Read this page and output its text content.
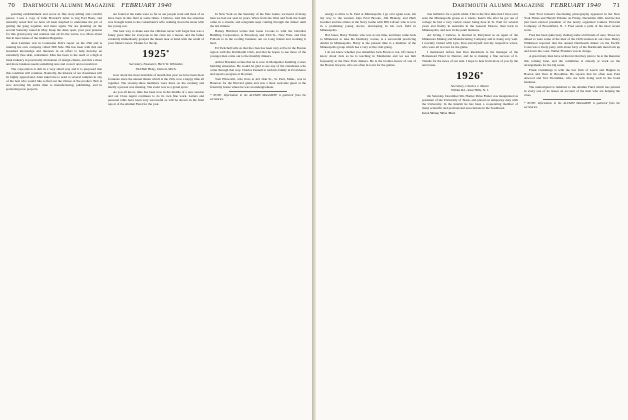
70 Dartmouth Alumni Magazine FEBRUARY 1940

pointing establishment and wrote as fine story-telling and colorful pieces. I saw a copy of John Howard's letter to Jug Earl Bean, and naturally noted that we have all been inspired to undertake the job of getting the gang together, and there again. We are planning on the second Saturday round in May. Keep the dates open, your year pension for this grand party and reunion and all it's the wives, too. More about this in later issues of the Alumni Magazine.

Alan Lattimer was in Lonesome Pete's report on the 25th and is running his own company called Hill Safe. Hal has been with this and streamed knowledge and interests in an effort to help develop an extremely fine skin, retirement. Man has been to the teeth at a high at bank industry in practically all manner of design clients, and this a more and more business needs something sure and correct and economical.

The corporation is delt in a very small way and it is purposed that this condition will continue. Naturally, the interest of our classmates will be highly appreciated. Alan asked me to send to several samples in any of the best who would like to find out the virtues of the product. Bob is now devoting his entire time to manufacturing, publishing, and in promoting new projects.

are found at the same were so far as our people want and most of us have been in this field at some times. I believe, said that the situation was brought home to the consultants's wife walking down the street with her young son.

The best way to make sure the children never will forget that was a funny great time for everyone in the class are a lesson, and the father evidently immediately grasped the meant near at hand with the result of your father's news. Thanks for the tip.

1925*
Secretary-Treasurer, Herb W. Whitsides
394 Bell Bldg., Detroit, Mich.

Gaw about the most desirable of month this year we have been most fortunate since the annual dinner which is the 25th, now a happy time all together. The seventy-three members were there on the evening and hardly a person was missing. The event was as a grand sport.

As you all know, time has been now in the middle of a new session and our Class Agent continues to do its own fine work. Letters and personal talks have been very successful as will be shown in the final report of the Alumni Fund for the year.

In New York on the Saturday of the Yale Game, we heard of many men we had not seen in years. Wires from the West and from the South came in a stream, and telegrams kept coming through the dinner until the last minute.

Halsey Hubbard writes that Gene Crooks is with the Gibraltar Building Corporation, at Broadway and 33rd St., New York, and Don Pollock is in the roofing business out on Long Island and working it hard.

Ed Twitchell tells us that the class has been very active in the Boston region with the Dartmouth Club, and that he hopes to see more of the younger men come out to the monthly dinners.

Arthur Hawkins writes that he is now in Montpelier handling a store building enterprise. He would be glad to see any of the classmates who come through that way. Charles Pennell is with his family in Providence and reports progress at his plant.

Tom Ellsworth, who lives at 421 Oak St., St. Paul, Minn., was in Hanover for the Harvard game and was a most welcome guest at the fraternity house where he was an undergraduate.

* NOTE: Information in the ALUMNI MAGAZINE is gathered from the secretaries.
Dartmouth Alumni Magazine FEBRUARY 1940 71

energy to drive to St. Paul or Minneapolis. I go over again soon. On my way to the western trips Fred Brooks, Jim Blakely, and Herb Gardner and the others at the Navy Game with Bill Calvert who is now in a promising young doctor, developing in his own field in Minneapolis.

Hal Jones, Harry Tisdale, who was at one time, and there came back to Minnesota to take his Dentistry course, is a successful practicing dentist in Minneapolis. Harry at the present time is a member of the Minneapolis group which has a very active club going.

I do not know whether you remember Jack Brock or not. Of course I know about Jack as he is teaching in Manhattan and we see him frequently at the New York dinners. He is the brother-in-law of one of the Boston lawyers, who are often in town for the games.

true ballistics for a quick while. This is the first time that I have ever seen the Minneapolis group as a whole. Kent's life after he got out of college he had a very varied career being here in St. Paul for several years and finally in Australia in the General Motors, then back in Minneapolis, and now in the paint business.

Art Irving, I believe, is married in Maryland as an agent of the Minnesota Mining and Manufacturing Company and is doing very well. I recently visited with Lyle, Don and myself and my respective wives, who were all in town for the game.

I mentioned before that Don Raelsback is the manager of the Homestead Hotel in Denver, and he is making a fine success of it. Thanks for the news of our lads. I hope to hear from more of you by the next issue.

1926*
Secretary, Charles J. Moore
Wilder Rd., Rest Hills, N. J.

On Saturday, December 9th, Homer Pulse Fisher was inaugurated as president of the University of Texas, and placed on temporary duty with the University. In the interim he has been a cooperating member of many scientific and professional associations in the Southwest.

Good Work; Well Done

Tom Fred Janson's fascinating photography appeared in the New York Times and Herald Tribune on Friday, December 29th. And he has just been elected president of the newly organized Camera Pictorial Company of Broomfield, N. J. Fred sends a print of his most recent work.

Fred has been quite busy visiting some old friends of ours. Those we talked to were some of the men of the 1926 reunion in our class. Henry Wilkinson reported that the annual Dartmouth dinner on the Pacific Coast was a lively party with about forty of the Dartmouth men from up and down the coast. Walter Flanders was in charge.

A great many men have written in that they plan to be at the Reunion this coming June, and the committee is already at work on the arrangements for the big week.

Frank Cummings is with the law firm of Leech and Hughes in Boston and lives in Brookline. He reports that he often sees Paul Atwood and Ted Thorndike, who are both doing well in the bond business.

The undersigned is indebted to the Alumni Fund which has printed in every one of its issues an account of the men who are helping the class.

* NOTE: Information in the ALUMNI MAGAZINE is gathered from the secretaries.
